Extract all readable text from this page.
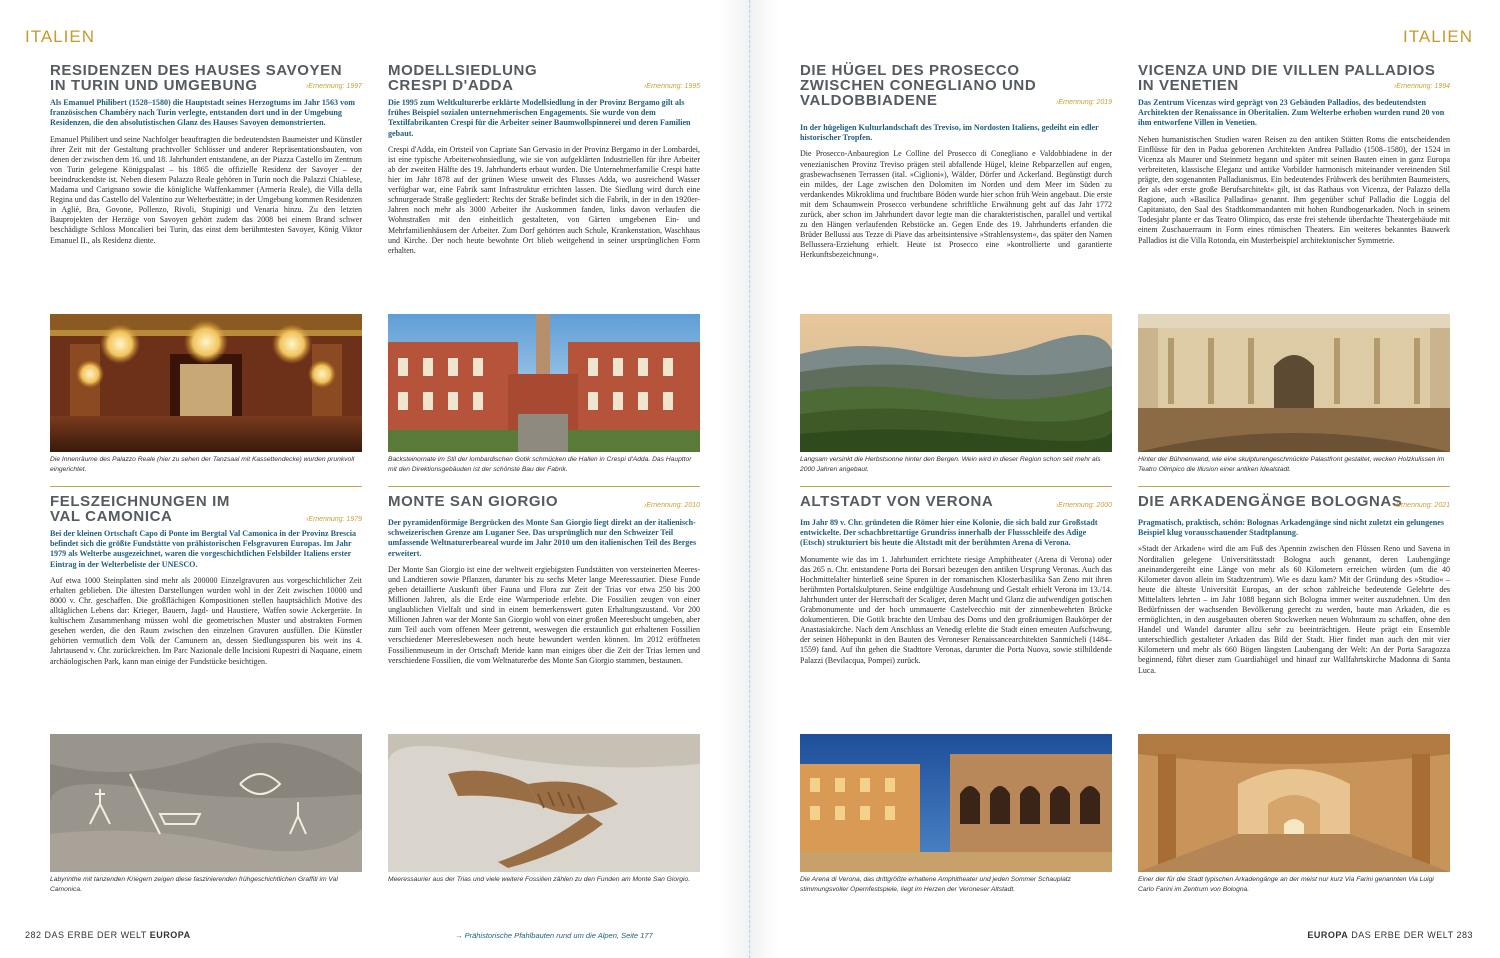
ITALIEN	ITALIEN
RESIDENZEN DES HAUSES SAVOYEN
IN TURIN UND UMGEBUNG	›Ernennung: 1997
Als Emanuel Philibert (1528–1580) die Hauptstadt seines Herzogtums im Jahr 1563 vom französischen Chambéry nach Turin verlegte, entstanden dort und in der Umgebung Residenzen, die den absolutistischen Glanz des Hauses Savoyen demonstrierten.
Emanuel Philibert und seine Nachfolger beauftragten die bedeutendsten Baumeister und Künstler ihrer Zeit mit der Gestaltung prachtvoller Schlösser und anderer Repräsentationsbauten, von denen der zwischen dem 16. und 18. Jahrhundert entstandene, an der Piazza Castello im Zentrum von Turin gelegene Königspalast – bis 1865 die offizielle Residenz der Savoyer – der beeindruckendste ist. Neben diesem Palazzo Reale gehören in Turin noch die Palazzi Chiablese, Madama und Carignano sowie die königliche Waffenkammer (Armeria Reale), die Villa della Regina und das Castello del Valentino zur Welterbestätte; in der Umgebung kommen Residenzen in Agliè, Bra, Govone, Pollenzo, Rivoli, Stupinigi und Venaria hinzu. Zu den letzten Bauprojekten der Herzöge von Savoyen gehört zudem das 2008 bei einem Brand schwer beschädigte Schloss Moncalieri bei Turin, das einst dem berühmtesten Savoyer, König Viktor Emanuel II., als Residenz diente.
Die Innenräume des Palazzo Reale (hier zu sehen der Tanzsaal mit Kassettendecke) wurden prunkvoll eingerichtet.
MODELLSIEDLUNG
CRESPI D'ADDA	›Ernennung: 1995
Die 1995 zum Weltkulturerbe erklärte Modellsiedlung in der Provinz Bergamo gilt als frühes Beispiel sozialen unternehmerischen Engagements. Sie wurde von dem Textilfabrikanten Crespi für die Arbeiter seiner Baumwollspinnerei und deren Familien gebaut.
Crespi d'Adda, ein Ortsteil von Capriate San Gervasio in der Provinz Bergamo in der Lombardei, ist eine typische Arbeiterwohnsiedlung, wie sie von aufgeklärten Industriellen für ihre Arbeiter ab der zweiten Hälfte des 19. Jahrhunderts erbaut wurden. Die Unternehmerfamilie Crespi hatte hier im Jahr 1878 auf der grünen Wiese unweit des Flusses Adda, wo ausreichend Wasser verfügbar war, eine Fabrik samt Infrastruktur errichten lassen. Die Siedlung wird durch eine schnurgerade Straße gegliedert: Rechts der Straße befindet sich die Fabrik, in der in den 1920er-Jahren noch mehr als 3000 Arbeiter ihr Auskommen fanden, links davon verlaufen die Wohnstraßen mit den einheitlich gestalteten, von Gärten umgebenen Ein- und Mehrfamilienhäusern der Arbeiter. Zum Dorf gehörten auch Schule, Krankenstation, Waschhaus und Kirche. Der noch heute bewohnte Ort blieb weitgehend in seiner ursprünglichen Form erhalten.
Backsteinornate im Stil der lombardischen Gotik schmücken die Hallen in Crespi d'Adda. Das Haupttor mit den Direktionsgebäuden ist der schönste Bau der Fabrik.
DIE HÜGEL DES PROSECCO
ZWISCHEN CONEGLIANO UND
VALDOBBIADENE	›Ernennung: 2019
In der hügeligen Kulturlandschaft des Treviso, im Nordosten Italiens, gedeiht ein edler historischer Tropfen.
Die Prosecco-Anbauregion Le Colline del Prosecco di Conegliano e Valdobbiadene in der venezianischen Provinz Treviso prägen steil abfallende Hügel, kleine Rebparzellen auf engen, grasbewachsenen Terrassen (ital. »Ciglioni«), Wälder, Dörfer und Ackerland. Begünstigt durch ein mildes, der Lage zwischen den Dolomiten im Norden und dem Meer im Süden zu verdankendes Mikroklima und fruchtbare Böden wurde hier schon früh Wein angebaut. Die erste mit dem Schaumwein Prosecco verbundene schriftliche Erwähnung geht auf das Jahr 1772 zurück, aber schon im Jahrhundert davor legte man die charakteristischen, parallel und vertikal zu den Hängen verlaufenden Rebstöcke an. Gegen Ende des 19. Jahrhunderts erfanden die Brüder Bellussi aus Tezze di Piave das arbeitsintensive »Strahlensystem«, das später den Namen Bellussera-Erziehung erhielt. Heute ist Prosecco eine »kontrollierte und garantierte Herkunftsbezeichnung«.
Langsam versinkt die Herbstsonne hinter den Bergen. Wein wird in dieser Region schon seit mehr als 2000 Jahren angebaut.
VICENZA UND DIE VILLEN PALLADIOS
IN VENETIEN	›Ernennung: 1994
Das Zentrum Vicenzas wird geprägt von 23 Gebäuden Palladios, des bedeutendsten Architekten der Renaissance in Oberitalien. Zum Welterbe erhoben wurden rund 20 von ihm entworfene Villen in Venetien.
Neben humanistischen Studien waren Reisen zu den antiken Stätten Roms die entscheidenden Einflüsse für den in Padua geborenen Architekten Andrea Palladio (1508–1580), der 1524 in Vicenza als Maurer und Steinmetz begann und später mit seinen Bauten einen in ganz Europa verbreiteten, klassische Eleganz und antike Vorbilder harmonisch miteinander vereinenden Stil prägte, den sogenannten Palladianismus. Ein bedeutendes Frühwerk des berühmten Baumeisters, der als »der erste große Berufsarchitekt« gilt, ist das Rathaus von Vicenza, der Palazzo della Ragione, auch »Basilica Palladina« genannt. Ihm gegenüber schuf Palladio die Loggia del Capitaniato, den Saal des Stadtkommandanten mit hohen Rundbogenarkaden. Noch in seinem Todesjahr plante er das Teatro Olimpico, das erste frei stehende überdachte Theatergebäude mit einem Zuschauerraum in Form eines römischen Theaters. Ein weiteres bekanntes Bauwerk Palladios ist die Villa Rotonda, ein Musterbeispiel architektonischer Symmetrie.
Hinter der Bühnenwand, wie eine skulpturengeschmückte Palastfront gestaltet, wecken Holzkulissen im Teatro Olimpico die Illusion einer antiken Idealstadt.
FELSZEICHNUNGEN IM
VAL CAMONICA	›Ernennung: 1979
Bei der kleinen Ortschaft Capo di Ponte im Bergtal Val Camonica in der Provinz Brescia befindet sich die größte Fundstätte von prähistorischen Felsgravuren Europas. Im Jahr 1979 als Welterbe ausgezeichnet, waren die vorgeschichtlichen Felsbilder Italiens erster Eintrag in der Welterbeliste der UNESCO.
Auf etwa 1000 Steinplatten sind mehr als 200000 Einzelgravuren aus vorgeschichtlicher Zeit erhalten geblieben. Die ältesten Darstellungen wurden wohl in der Zeit zwischen 10000 und 8000 v. Chr. geschaffen. Die großflächigen Kompositionen stellen hauptsächlich Motive des alltäglichen Lebens dar: Krieger, Bauern, Jagd- und Haustiere, Waffen sowie Ackergeräte. In kultischem Zusammenhang müssen wohl die geometrischen Muster und abstrakten Formen gesehen werden, die den Raum zwischen den einzelnen Gravuren ausfüllen. Die Künstler gehörten vermutlich dem Volk der Camunern an, dessen Siedlungsspuren bis weit ins 4. Jahrtausend v. Chr. zurückreichen. Im Parc Nazionale delle Incisioni Rupestri di Naquane, einem archäologischen Park, kann man einige der Fundstücke besichtigen.
Labyrinthe mit tanzenden Kriegern zeigen diese faszinierenden frühgeschichtlichen Graffiti im Val Camonica.
MONTE SAN GIORGIO	›Ernennung: 2010
Der pyramidenförmige Bergrücken des Monte San Giorgio liegt direkt an der italienisch-schweizerischen Grenze am Luganer See. Das ursprünglich nur den Schweizer Teil umfassende Weltnaturerbeareal wurde im Jahr 2010 um den italienischen Teil des Berges erweitert.
Der Monte San Giorgio ist eine der weltweit ergiebigsten Fundstätten von versteinerten Meeres- und Landtieren sowie Pflanzen, darunter bis zu sechs Meter lange Meeressaurier. Diese Funde geben detaillierte Auskunft über Fauna und Flora zur Zeit der Trias vor etwa 250 bis 200 Millionen Jahren, als die Erde eine Warmperiode erlebte. Die Fossilien zeugen von einer unglaublichen Vielfalt und sind in einem bemerkenswert guten Erhaltungszustand. Vor 200 Millionen Jahren war der Monte San Giorgio wohl von einer großen Meeresbucht umgeben, aber zum Teil auch vom offenen Meer getrennt, weswegen die erstaunlich gut erhaltenen Fossilien verschiedener Meereslebewesen noch heute bewundert werden können. Im 2012 eröffneten Fossilienmuseum in der Ortschaft Meride kann man einiges über die Zeit der Trias lernen und verschiedene Fossilien, die vom Weltnaturerbe des Monte San Giorgio stammen, bestaunen.
Meeressaurier aus der Trias und viele weitere Fossilien zählen zu den Funden am Monte San Giorgio.
ALTSTADT VON VERONA	›Ernennung: 2000
Im Jahr 89 v. Chr. gründeten die Römer hier eine Kolonie, die sich bald zur Großstadt entwickelte. Der schachbrettartige Grundriss innerhalb der Flussschleife des Adige (Etsch) strukturiert bis heute die Altstadt mit der berühmten Arena di Verona.
Monumente wie das im 1. Jahrhundert errichtete riesige Amphitheater (Arena di Verona) oder das 265 n. Chr. entstandene Porta dei Borsari bezeugen den antiken Ursprung Veronas. Auch das Hochmittelalter hinterließ seine Spuren in der romanischen Klosterbasilika San Zeno mit ihren berühmten Portalskulpturen. Seine endgültige Ausdehnung und Gestalt erhielt Verona im 13./14. Jahrhundert unter der Herrschaft der Scaliger, deren Macht und Glanz die aufwendigen gotischen Grabmonumente und der hoch ummauerte Castelvecchio mit der zinnenbewehrten Brücke dokumentieren. Die Gotik brachte den Umbau des Doms und den großräumigen Baukörper der Anastasiakirche. Nach dem Anschluss an Venedig erlebte die Stadt einen erneuten Aufschwung, der seinen Höhepunkt in den Bauten des Veroneser Renaissancearchitekten Sanmicheli (1484–1559) fand. Auf ihn gehen die Stadttore Veronas, darunter die Porta Nuova, sowie stilbildende Palazzi (Bevilacqua, Pompei) zurück.
Die Arena di Verona, das drittgrößte erhaltene Amphitheater und jeden Sommer Schauplatz stimmungsvoller Opernfestspiele, liegt im Herzen der Veroneser Altstadt.
DIE ARKADENGÄNGE BOLOGNAS
›Ernennung: 2021
Pragmatisch, praktisch, schön: Bolognas Arkadengänge sind nicht zuletzt ein gelungenes Beispiel klug vorausschauender Stadtplanung.
»Stadt der Arkaden« wird die am Fuß des Apennin zwischen den Flüssen Reno und Savena in Norditalien gelegene Universitätsstadt Bologna auch genannt, deren Laubengänge aneinandergereiht eine Länge von mehr als 60 Kilometern erreichen würden (um die 40 Kilometer davon allein im Stadtzentrum). Wie es dazu kam? Mit der Gründung des »Studio« – heute die älteste Universität Europas, an der schon zahlreiche bedeutende Gelehrte des Mittelalters lehrten – im Jahr 1088 begann sich Bologna immer weiter auszudehnen. Um den Bedürfnissen der wachsenden Bevölkerung gerecht zu werden, baute man Arkaden, die es ermöglichten, in den ausgebauten oberen Stockwerken neuen Wohnraum zu schaffen, ohne den Handel und Wandel darunter allzu sehr zu beeinträchtigen. Heute prägt ein Ensemble unterschiedlich gestalteter Arkaden das Bild der Stadt. Hier findet man auch den mit vier Kilometern und mehr als 660 Bögen längsten Laubengang der Welt: An der Porta Saragozza beginnend, führt dieser zum Guardiahügel und hinauf zur Wallfahrtskirche Madonna di Santa Luca.
Einer der für die Stadt typischen Arkadengänge an der meist nur kurz Via Farini genannten Via Luigi Carlo Farini im Zentrum von Bologna.
282 DAS ERBE DER WELT EUROPA	→ Prähistorische Pfahlbauten rund um die Alpen, Seite 177	EUROPA DAS ERBE DER WELT 283
